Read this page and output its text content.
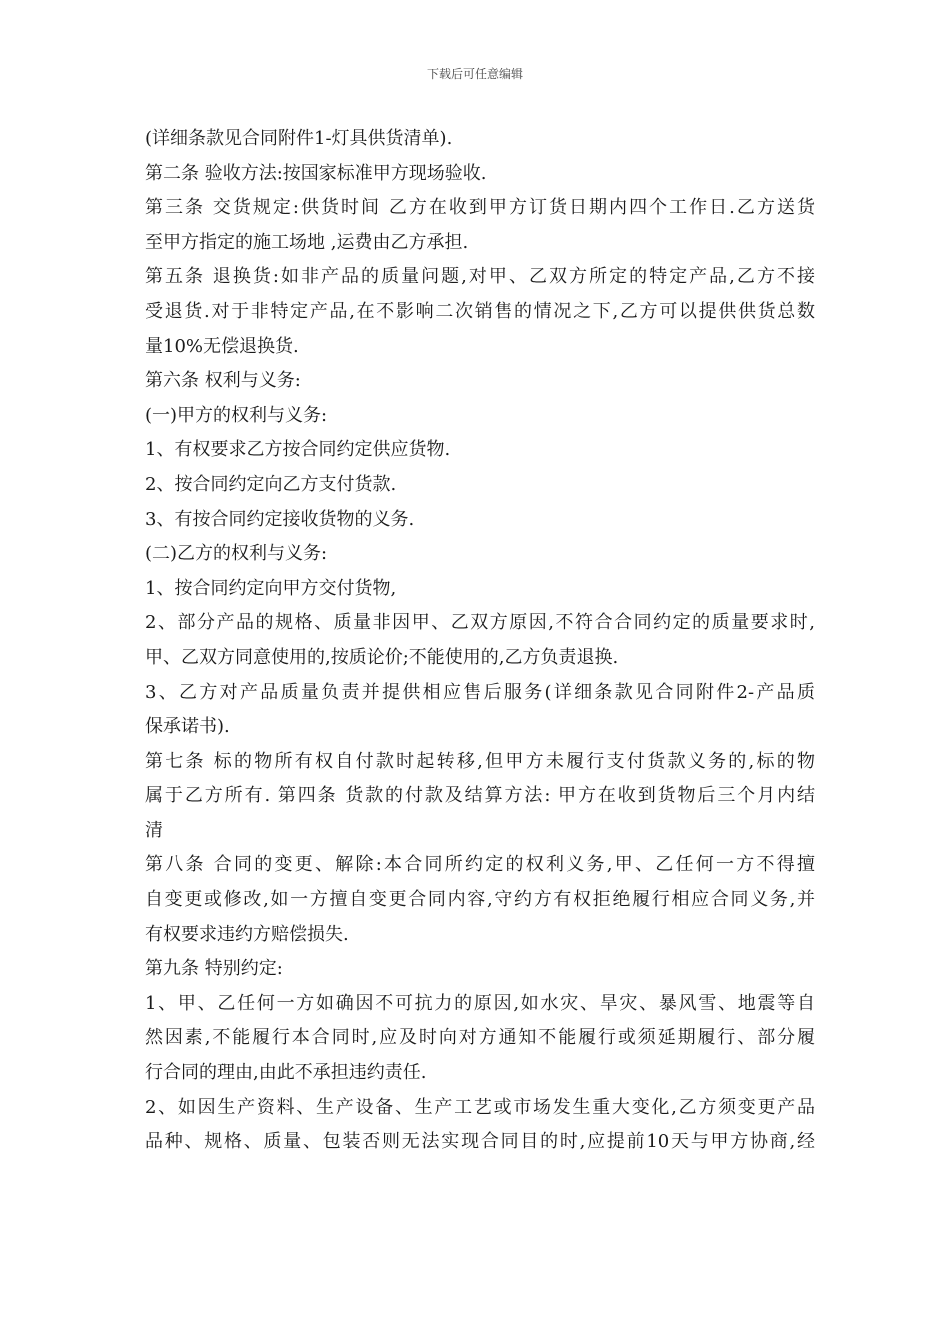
下载后可任意编辑
(详细条款见合同附件1-灯具供货清单).
第二条 验收方法:按国家标准甲方现场验收.
第三条 交货规定:供货时间 乙方在收到甲方订货日期内四个工作日.乙方送货
至甲方指定的施工场地 ,运费由乙方承担.
第五条 退换货:如非产品的质量问题,对甲、乙双方所定的特定产品,乙方不接
受退货.对于非特定产品,在不影响二次销售的情况之下,乙方可以提供供货总数
量10%无偿退换货.
第六条 权利与义务:
(一)甲方的权利与义务:
1、有权要求乙方按合同约定供应货物.
2、按合同约定向乙方支付货款.
3、有按合同约定接收货物的义务.
(二)乙方的权利与义务:
1、按合同约定向甲方交付货物,
2、部分产品的规格、质量非因甲、乙双方原因,不符合合同约定的质量要求时,
甲、乙双方同意使用的,按质论价;不能使用的,乙方负责退换.
3、乙方对产品质量负责并提供相应售后服务(详细条款见合同附件2-产品质
保承诺书).
第七条 标的物所有权自付款时起转移,但甲方未履行支付货款义务的,标的物
属于乙方所有. 第四条 货款的付款及结算方法: 甲方在收到货物后三个月内结
清
第八条 合同的变更、解除:本合同所约定的权利义务,甲、乙任何一方不得擅
自变更或修改,如一方擅自变更合同内容,守约方有权拒绝履行相应合同义务,并
有权要求违约方赔偿损失.
第九条 特别约定:
1、甲、乙任何一方如确因不可抗力的原因,如水灾、旱灾、暴风雪、地震等自
然因素,不能履行本合同时,应及时向对方通知不能履行或须延期履行、部分履
行合同的理由,由此不承担违约责任.
2、如因生产资料、生产设备、生产工艺或市场发生重大变化,乙方须变更产品
品种、规格、质量、包装否则无法实现合同目的时,应提前10天与甲方协商,经
